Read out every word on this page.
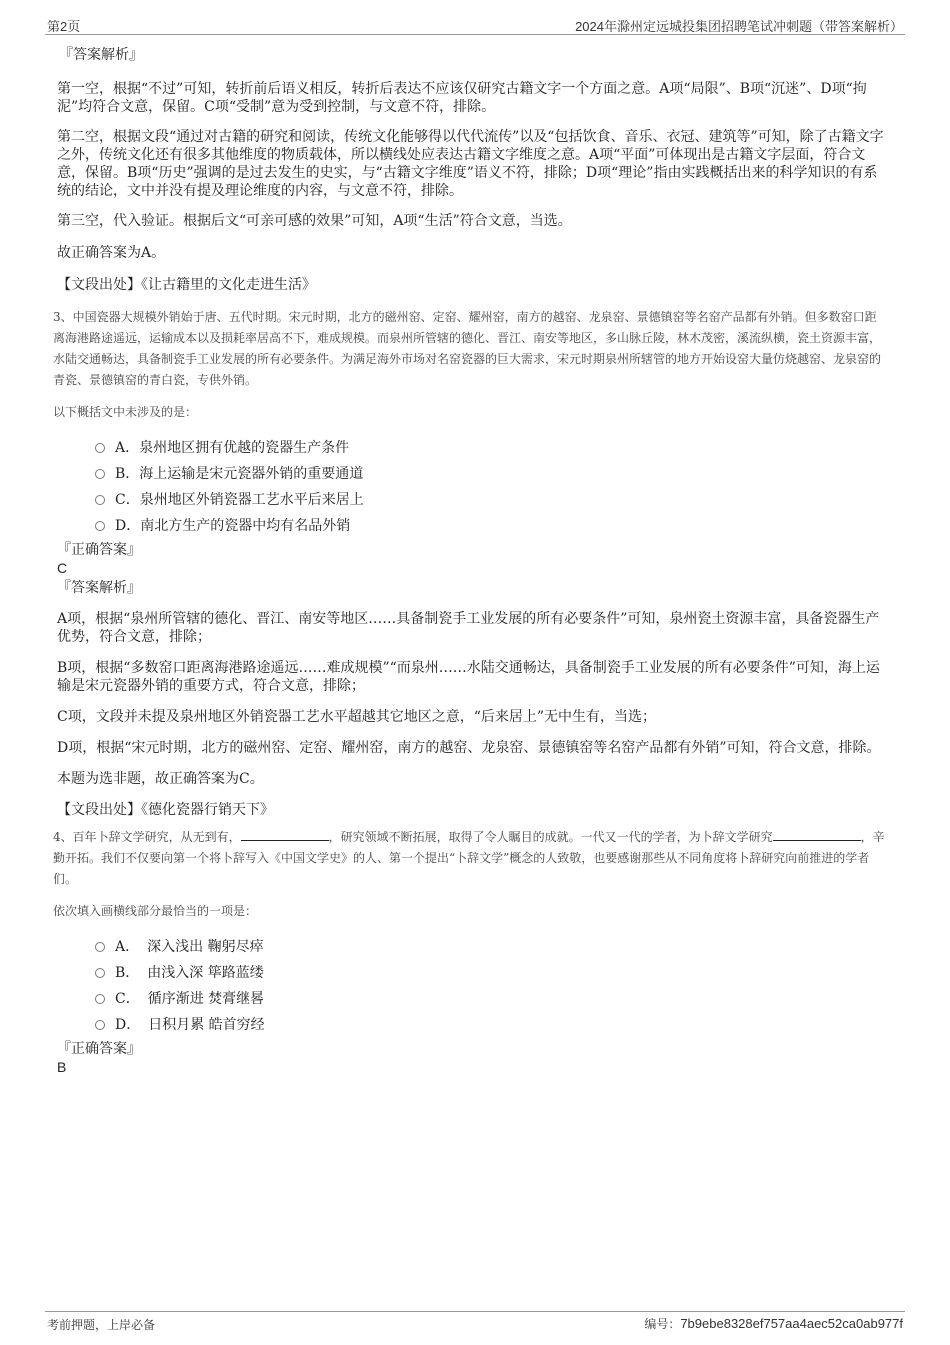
第2页	2024年滁州定远城投集团招聘笔试冲刺题（带答案解析）

『答案解析』

第一空，根据“不过”可知，转折前后语义相反，转折后表达不应该仅研究古籍文字一个方面之意。A项“局限”、B项“沉迷”、D项“拘泥”均符合文意，保留。C项“受制”意为受到控制，与文意不符，排除。

第二空，根据文段“通过对古籍的研究和阅读，传统文化能够得以代代流传”以及“包括饮食、音乐、衣冠、建筑等”可知，除了古籍文字之外，传统文化还有很多其他维度的物质载体，所以横线处应表达古籍文字维度之意。A项“平面”可体现出是古籍文字层面，符合文意，保留。B项“历史”强调的是过去发生的史实，与“古籍文字维度”语义不符，排除；D项“理论”指由实践概括出来的科学知识的有系统的结论，文中并没有提及理论维度的内容，与文意不符，排除。

第三空，代入验证。根据后文“可亲可感的效果”可知，A项“生活”符合文意，当选。

故正确答案为A。

【文段出处】《让古籍里的文化走进生活》

3、中国瓷器大规模外销始于唐、五代时期。宋元时期，北方的磁州窑、定窑、耀州窑，南方的越窑、龙泉窑、景德镇窑等名窑产品都有外销。但多数窑口距离海港路途遥远，运输成本以及损耗率居高不下，难成规模。而泉州所管辖的德化、晋江、南安等地区，多山脉丘陵，林木茂密，溪流纵横，瓷土资源丰富，水陆交通畅达，具备制瓷手工业发展的所有必要条件。为满足海外市场对名窑瓷器的巨大需求，宋元时期泉州所辖管的地方开始设窑大量仿烧越窑、龙泉窑的青瓷、景德镇窑的青白瓷，专供外销。

以下概括文中未涉及的是：

A．泉州地区拥有优越的瓷器生产条件
B．海上运输是宋元瓷器外销的重要通道
C．泉州地区外销瓷器工艺水平后来居上
D．南北方生产的瓷器中均有名品外销

『正确答案』

C

『答案解析』

A项，根据“泉州所管辖的德化、晋江、南安等地区……具备制瓷手工业发展的所有必要条件”可知，泉州瓷土资源丰富，具备瓷器生产优势，符合文意，排除；

B项，根据“多数窑口距离海港路途遥远……难成规模”“而泉州……水陆交通畅达，具备制瓷手工业发展的所有必要条件”可知，海上运输是宋元瓷器外销的重要方式，符合文意，排除；

C项，文段并未提及泉州地区外销瓷器工艺水平超越其它地区之意，“后来居上”无中生有，当选；

D项，根据“宋元时期，北方的磁州窑、定窑、耀州窑，南方的越窑、龙泉窑、景德镇窑等名窑产品都有外销”可知，符合文意，排除。

本题为选非题，故正确答案为C。

【文段出处】《德化瓷器行销天下》

4、百年卜辞文学研究，从无到有，	，研究领域不断拓展，取得了令人瞩目的成就。一代又一代的学者，为卜辞文学研究	，辛勤开拓。我们不仅要向第一个将卜辞写入《中国文学史》的人、第一个提出“卜辞文学”概念的人致敬，也要感谢那些从不同角度将卜辞研究向前推进的学者们。

依次填入画横线部分最恰当的一项是：

A． 深入浅出 鞠躬尽瘁
B． 由浅入深 筚路蓝缕
C． 循序渐进 焚膏继晷
D． 日积月累 皓首穷经

『正确答案』

B

考前押题，上岸必备	编号：7b9ebe8328ef757aa4aec52ca0ab977f
